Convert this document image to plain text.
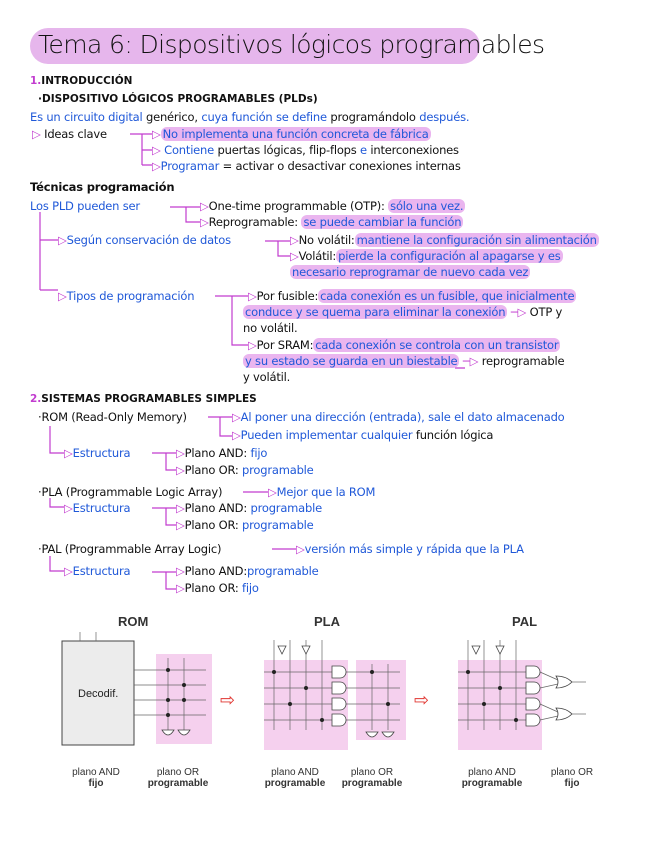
Tema 6: Dispositivos lógicos programables
1.INTRODUCCIÓN
·DISPOSITIVO LÓGICOS PROGRAMABLES (PLDs)
Es un circuito digital genérico, cuya función se define programándolo después.
▷ Ideas clave	▷ No implementa una función concreta de fábrica
▷ Contiene puertas lógicas, flip-flops e interconexiones
▷Programar = activar o desactivar conexiones internas
Técnicas programación
Los PLD pueden ser	▷One-time programmable (OTP): sólo una vez.
▷Reprogramable: se puede cambiar la función
▷Según conservación de datos	▷No volátil: mantiene la configuración sin alimentación
▷Volátil: pierde la configuración al apagarse y es
necesario reprogramar de nuevo cada vez
▷Tipos de programación	▷Por fusible: cada conexión es un fusible, que inicialmente
conduce y se quema para eliminar la conexión ─▷ OTP y
no volátil.
▷Por SRAM: cada conexión se controla con un transistor
y su estado se guarda en un biestable ─▷ reprogramable
y volátil.
2.SISTEMAS PROGRAMABLES SIMPLES
·ROM (Read-Only Memory)	▷Al poner una dirección (entrada), sale el dato almacenado
▷Pueden implementar cualquier función lógica
▷Estructura	▷Plano AND: fijo
▷Plano OR: programable
·PLA (Programmable Logic Array)	▷Mejor que la ROM
▷Estructura	▷Plano AND: programable
▷Plano OR: programable
·PAL (Programmable Array Logic)	▷versión más simple y rápida que la PLA
▷Estructura	▷Plano AND:programable
▷Plano OR: fijo
ROM	PLA	PAL
⇨	⇨
Decodif.
plano AND
fijo
plano OR
programable
plano AND
programable
plano OR
programable
plano AND
programable
plano OR
fijo
